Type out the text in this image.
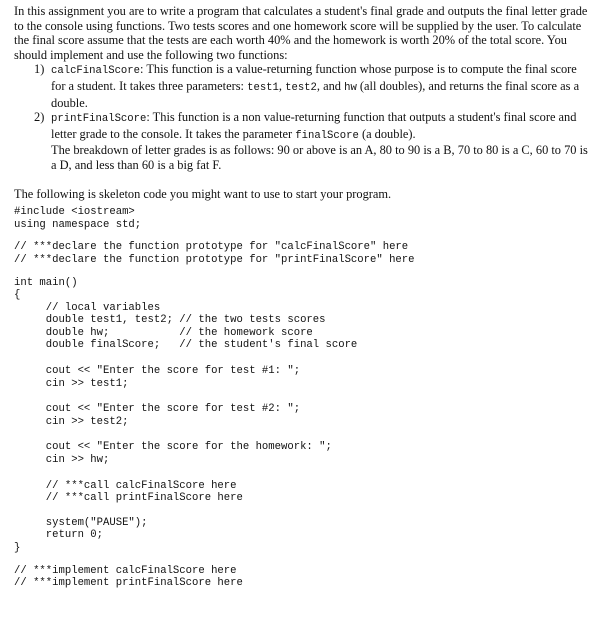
In this assignment you are to write a program that calculates a student's final grade and outputs the final letter grade to the console using functions. Two tests scores and one homework score will be supplied by the user. To calculate the final score assume that the tests are each worth 40% and the homework is worth 20% of the total score. You should implement and use the following two functions:

1) calcFinalScore: This function is a value-returning function whose purpose is to compute the final score for a student. It takes three parameters: test1, test2, and hw (all doubles), and returns the final score as a double.
2) printFinalScore: This function is a non value-returning function that outputs a student's final score and letter grade to the console. It takes the parameter finalScore (a double).
The breakdown of letter grades is as follows: 90 or above is an A, 80 to 90 is a B, 70 to 80 is a C, 60 to 70 is a D, and less than 60 is a big fat F.

The following is skeleton code you might want to use to start your program.

#include <iostream>
using namespace std;
// ***declare the function prototype for "calcFinalScore" here
// ***declare the function prototype for "printFinalScore" here
int main()
{
// local variables
double test1, test2; // the two tests scores
double hw;           // the homework score
double finalScore;   // the student's final score
cout << "Enter the score for test #1: ";
cin >> test1;
cout << "Enter the score for test #2: ";
cin >> test2;
cout << "Enter the score for the homework: ";
cin >> hw;
// ***call calcFinalScore here
// ***call printFinalScore here
system("PAUSE");
return 0;
}
// ***implement calcFinalScore here
// ***implement printFinalScore here
